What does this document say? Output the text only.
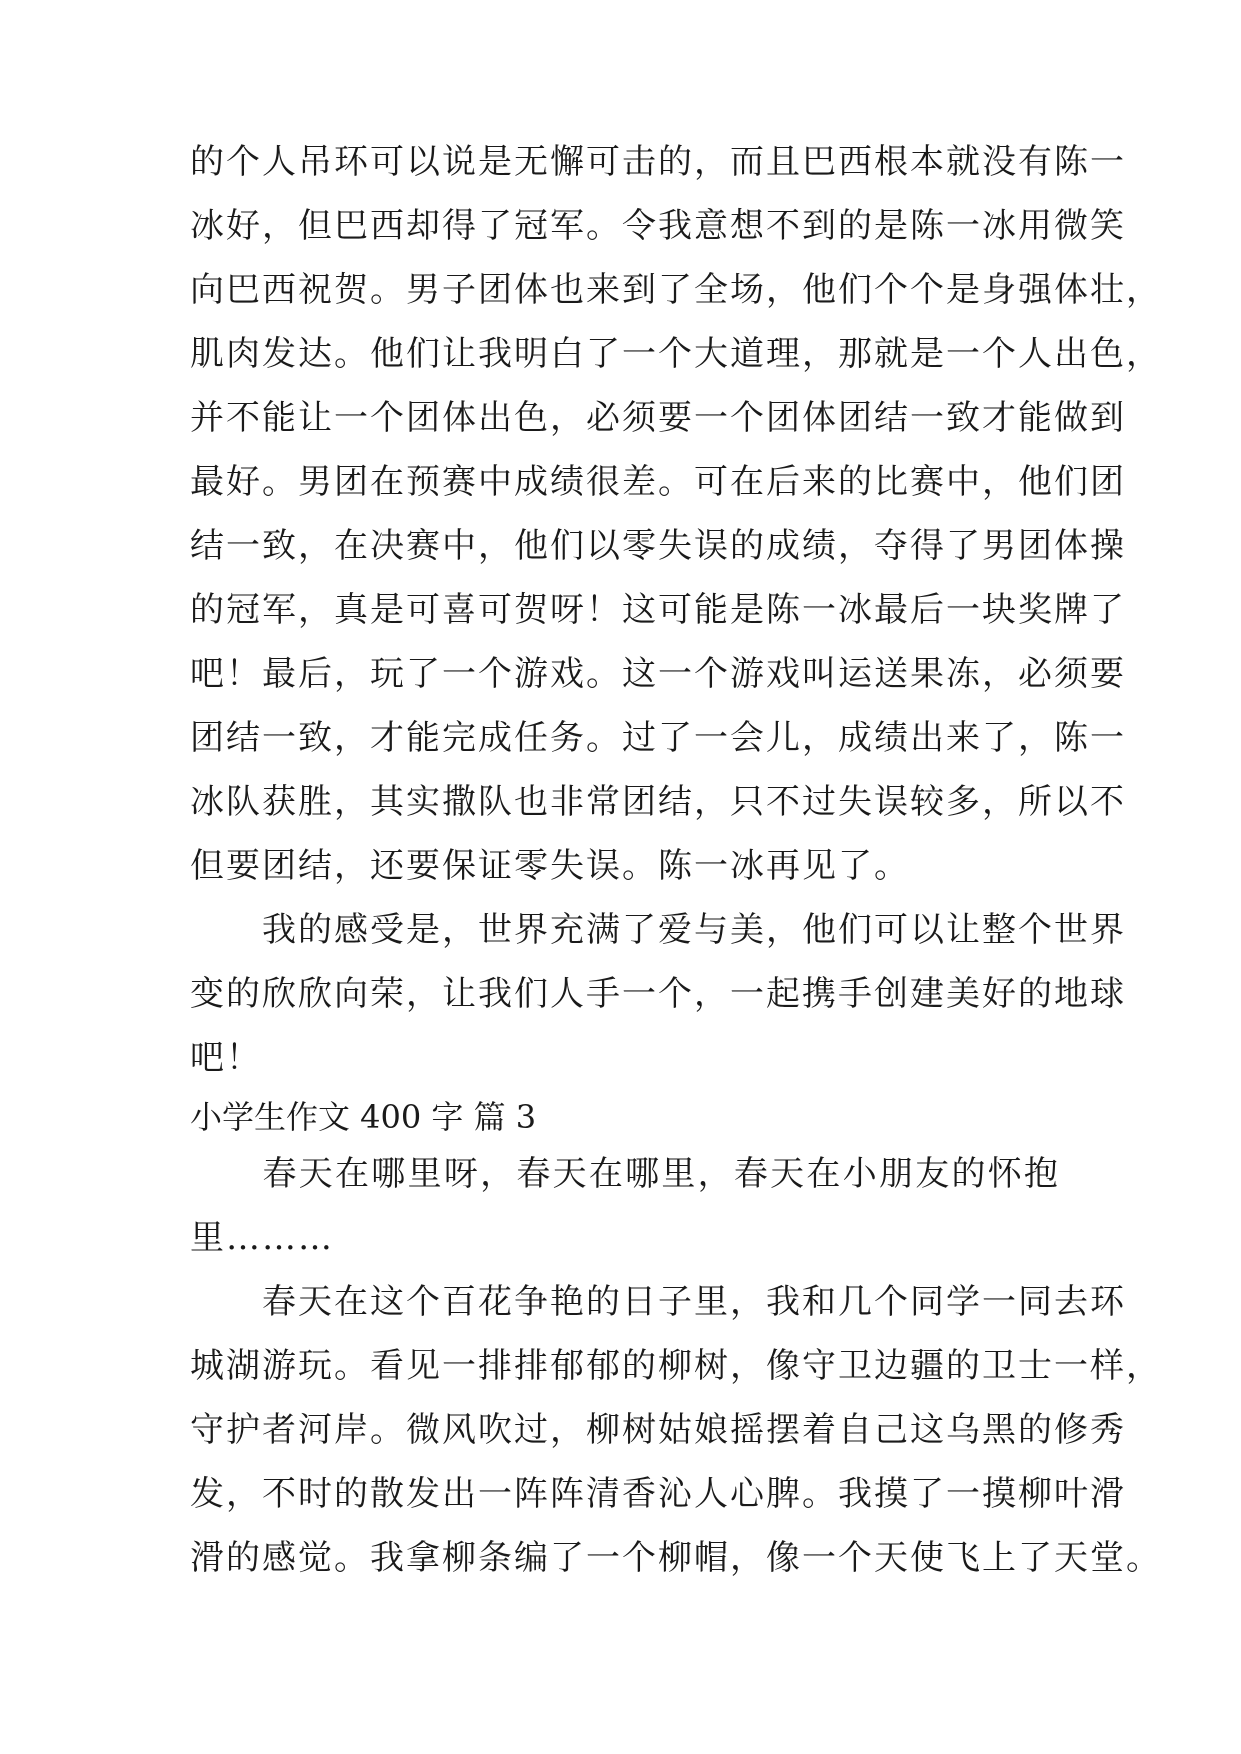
的个人吊环可以说是无懈可击的，而且巴西根本就没有陈一
冰好，但巴西却得了冠军。令我意想不到的是陈一冰用微笑
向巴西祝贺。男子团体也来到了全场，他们个个是身强体壮，
肌肉发达。他们让我明白了一个大道理，那就是一个人出色，
并不能让一个团体出色，必须要一个团体团结一致才能做到
最好。男团在预赛中成绩很差。可在后来的比赛中，他们团
结一致，在决赛中，他们以零失误的成绩，夺得了男团体操
的冠军，真是可喜可贺呀！这可能是陈一冰最后一块奖牌了
吧！最后，玩了一个游戏。这一个游戏叫运送果冻，必须要
团结一致，才能完成任务。过了一会儿，成绩出来了，陈一
冰队获胜，其实撒队也非常团结，只不过失误较多，所以不
但要团结，还要保证零失误。陈一冰再见了。
　　我的感受是，世界充满了爱与美，他们可以让整个世界
变的欣欣向荣，让我们人手一个，一起携手创建美好的地球
吧！
小学生作文 400 字 篇 3
　　春天在哪里呀，春天在哪里，春天在小朋友的怀抱
里………
　　春天在这个百花争艳的日子里，我和几个同学一同去环
城湖游玩。看见一排排郁郁的柳树，像守卫边疆的卫士一样，
守护者河岸。微风吹过，柳树姑娘摇摆着自己这乌黑的修秀
发，不时的散发出一阵阵清香沁人心脾。我摸了一摸柳叶滑
滑的感觉。我拿柳条编了一个柳帽，像一个天使飞上了天堂。
